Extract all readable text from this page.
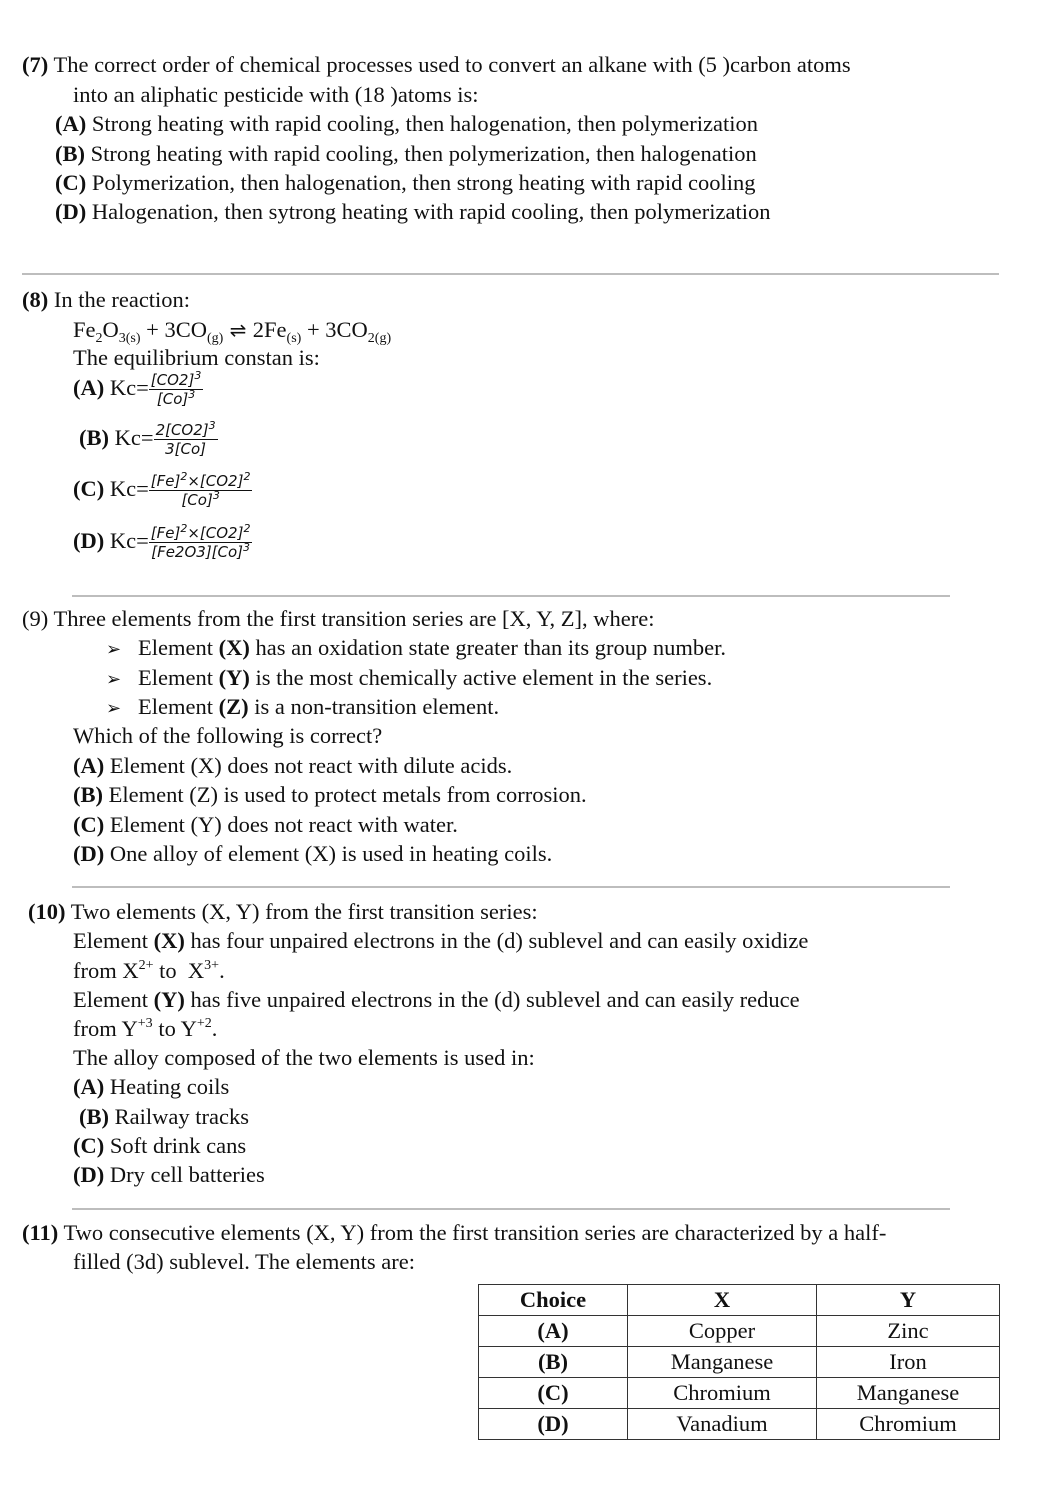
(7) The correct order of chemical processes used to convert an alkane with (5 )carbon atoms
into an aliphatic pesticide with (18 )atoms is:
(A) Strong heating with rapid cooling, then halogenation, then polymerization
(B) Strong heating with rapid cooling, then polymerization, then halogenation
(C) Polymerization, then halogenation, then strong heating with rapid cooling
(D) Halogenation, then sytrong heating with rapid cooling, then polymerization
(8) In the reaction:
$Fe_2O_{3(s)} + 3CO_{(g)}$ ⇌ $2Fe_{(s)} + 3CO_{2(g)}$
The equilibrium constan is:
(A) $Kc= \frac{[CO2]^3}{[Co]^3}$
(B) $Kc= \frac{2[CO2]^3}{3[Co]}$
(C) $Kc= \frac{[Fe]^2\times[CO2]^2}{[Co]^3}$
(D) $Kc= \frac{[Fe]^2\times[CO2]^2}{[Fe2O3][Co]^3}$
(9) Three elements from the first transition series are [X, Y, Z], where:
➢ Element (X) has an oxidation state greater than its group number.
➢ Element (Y) is the most chemically active element in the series.
➢ Element (Z) is a non-transition element.
Which of the following is correct?
(A) Element (X) does not react with dilute acids.
(B) Element (Z) is used to protect metals from corrosion.
(C) Element (Y) does not react with water.
(D) One alloy of element (X) is used in heating coils.
(10) Two elements (X, Y) from the first transition series:
Element (X) has four unpaired electrons in the (d) sublevel and can easily oxidize
from $X^{2+}$ to  $X^{3+}$.
Element (Y) has five unpaired electrons in the (d) sublevel and can easily reduce
from $Y^{+3}$ to $Y^{+2}$.
The alloy composed of the two elements is used in:
(A) Heating coils
(B) Railway tracks
(C) Soft drink cans
(D) Dry cell batteries
(11) Two consecutive elements (X, Y) from the first transition series are characterized by a half-
filled (3d) sublevel. The elements are:
Choice	X	Y
(A)	Copper	Zinc
(B)	Manganese	Iron
(C)	Chromium	Manganese
(D)	Vanadium	Chromium
